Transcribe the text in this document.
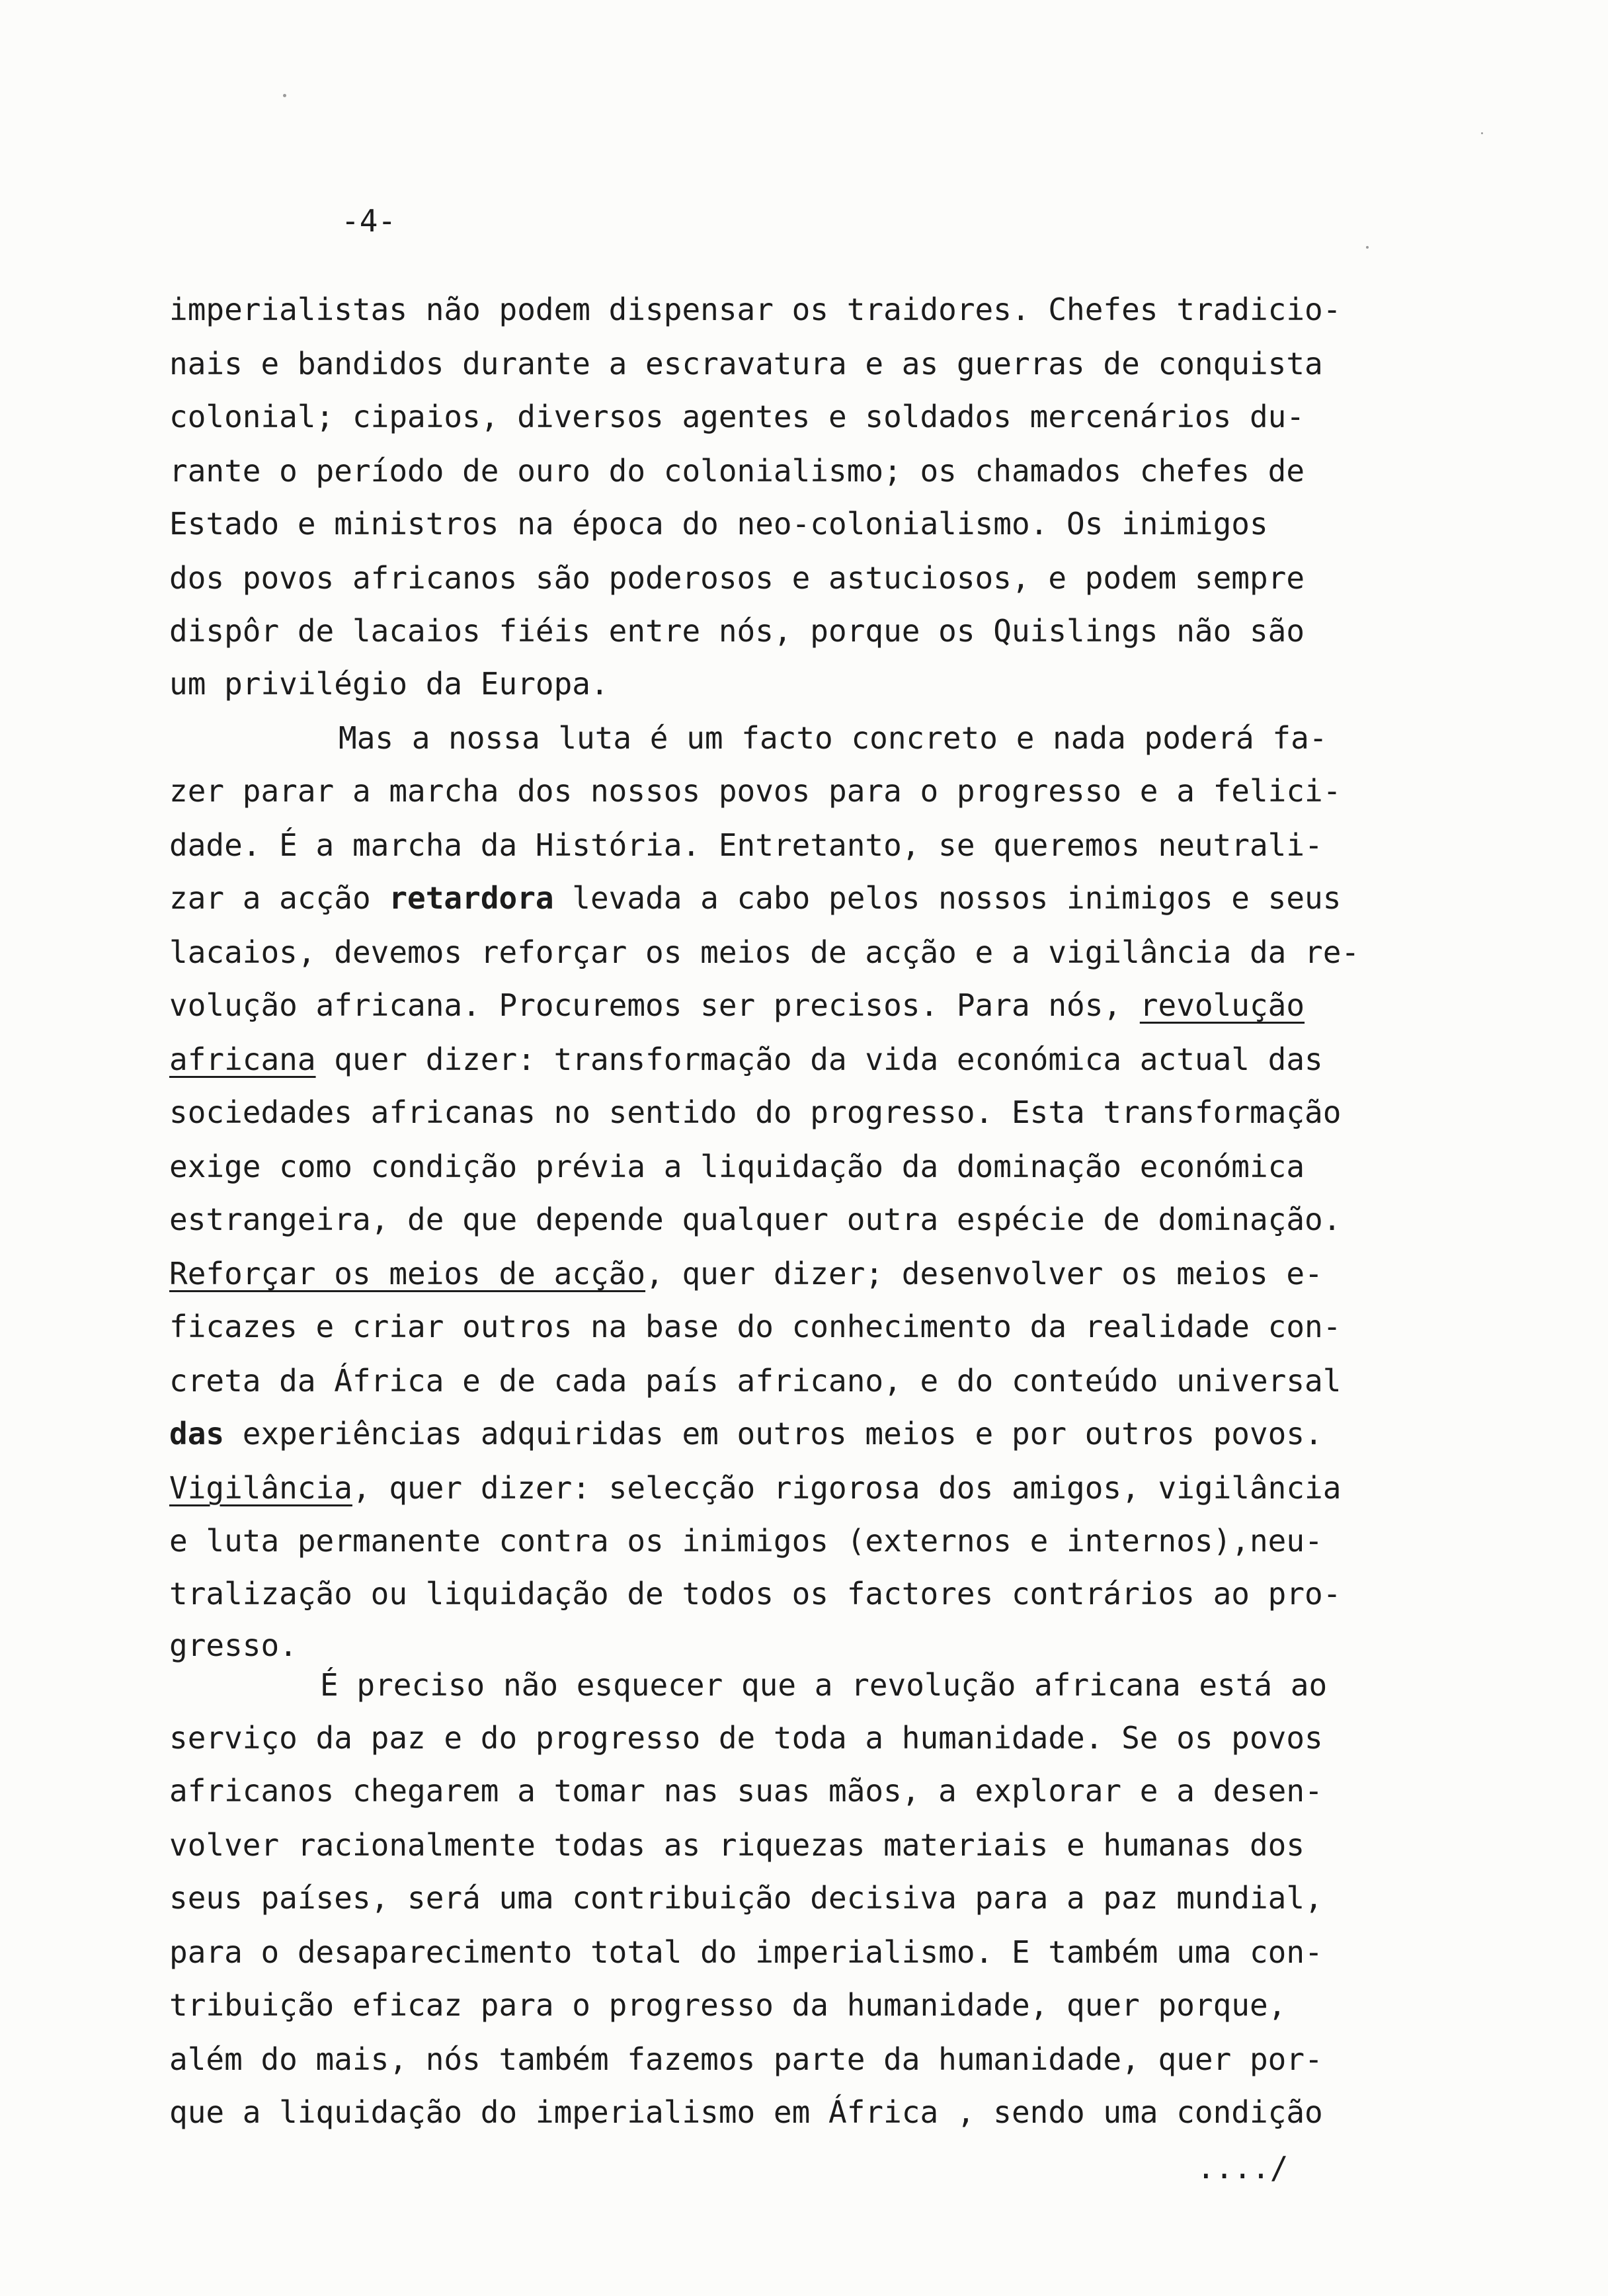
-4-
imperialistas não podem dispensar os traidores. Chefes tradicio-
nais e bandidos durante a escravatura e as guerras de conquista
colonial; cipaios, diversos agentes e soldados mercenários du-
rante o período de ouro do colonialismo; os chamados chefes de
Estado e ministros na época do neo-colonialismo. Os inimigos
dos povos africanos são poderosos e astuciosos, e podem sempre
dispôr de lacaios fiéis entre nós, porque os Quislings não são
um privilégio da Europa.
Mas a nossa luta é um facto concreto e nada poderá fa-
zer parar a marcha dos nossos povos para o progresso e a felici-
dade. É a marcha da História. Entretanto, se queremos neutrali-
zar a acção retardora levada a cabo pelos nossos inimigos e seus
lacaios, devemos reforçar os meios de acção e a vigilância da re-
volução africana. Procuremos ser precisos. Para nós, revolução
africana quer dizer: transformação da vida económica actual das
sociedades africanas no sentido do progresso. Esta transformação
exige como condição prévia a liquidação da dominação económica
estrangeira, de que depende qualquer outra espécie de dominação.
Reforçar os meios de acção, quer dizer; desenvolver os meios e-
ficazes e criar outros na base do conhecimento da realidade con-
creta da África e de cada país africano, e do conteúdo universal
das experiências adquiridas em outros meios e por outros povos.
Vigilância, quer dizer: selecção rigorosa dos amigos, vigilância
e luta permanente contra os inimigos (externos e internos),neu-
tralização ou liquidação de todos os factores contrários ao pro-
gresso.
É preciso não esquecer que a revolução africana está ao
serviço da paz e do progresso de toda a humanidade. Se os povos
africanos chegarem a tomar nas suas mãos, a explorar e a desen-
volver racionalmente todas as riquezas materiais e humanas dos
seus países, será uma contribuição decisiva para a paz mundial,
para o desaparecimento total do imperialismo. E também uma con-
tribuição eficaz para o progresso da humanidade, quer porque,
além do mais, nós também fazemos parte da humanidade, quer por-
que a liquidação do imperialismo em África , sendo uma condição
..../
